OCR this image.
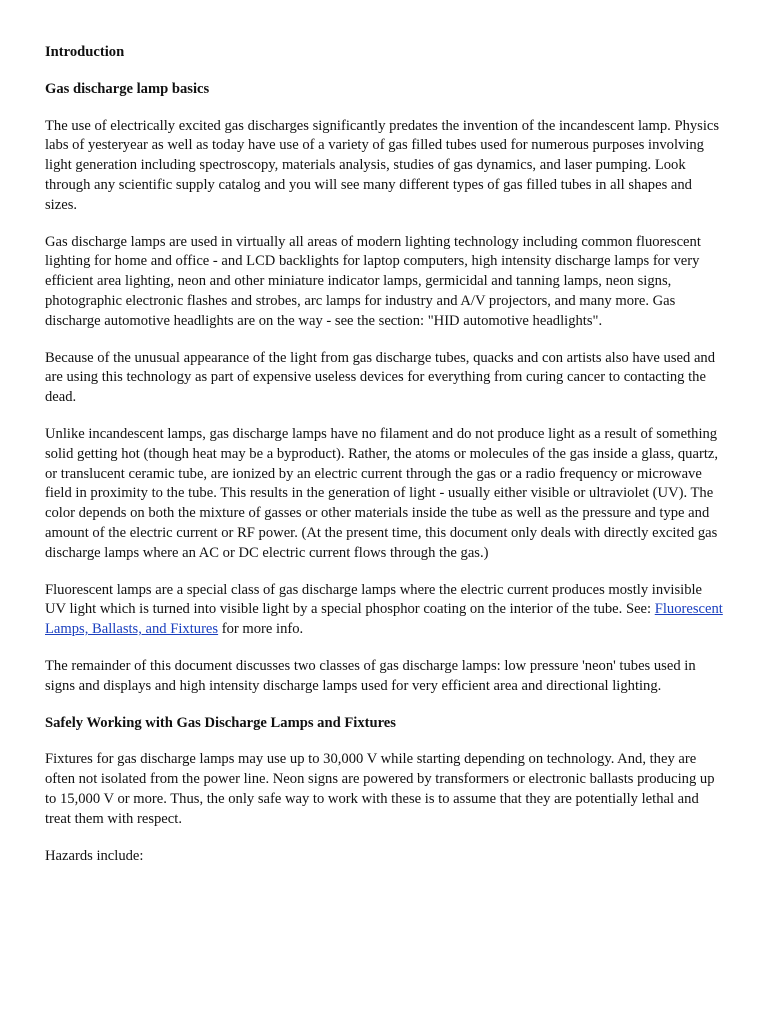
Introduction

Gas discharge lamp basics

The use of electrically excited gas discharges significantly predates the invention of the incandescent lamp. Physics labs of yesteryear as well as today have use of a variety of gas filled tubes used for numerous purposes involving light generation including spectroscopy, materials analysis, studies of gas dynamics, and laser pumping. Look through any scientific supply catalog and you will see many different types of gas filled tubes in all shapes and sizes.

Gas discharge lamps are used in virtually all areas of modern lighting technology including common fluorescent lighting for home and office - and LCD backlights for laptop computers, high intensity discharge lamps for very efficient area lighting, neon and other miniature indicator lamps, germicidal and tanning lamps, neon signs, photographic electronic flashes and strobes, arc lamps for industry and A/V projectors, and many more. Gas discharge automotive headlights are on the way - see the section: "HID automotive headlights".

Because of the unusual appearance of the light from gas discharge tubes, quacks and con artists also have used and are using this technology as part of expensive useless devices for everything from curing cancer to contacting the dead.

Unlike incandescent lamps, gas discharge lamps have no filament and do not produce light as a result of something solid getting hot (though heat may be a byproduct). Rather, the atoms or molecules of the gas inside a glass, quartz, or translucent ceramic tube, are ionized by an electric current through the gas or a radio frequency or microwave field in proximity to the tube. This results in the generation of light - usually either visible or ultraviolet (UV). The color depends on both the mixture of gasses or other materials inside the tube as well as the pressure and type and amount of the electric current or RF power. (At the present time, this document only deals with directly excited gas discharge lamps where an AC or DC electric current flows through the gas.)

Fluorescent lamps are a special class of gas discharge lamps where the electric current produces mostly invisible UV light which is turned into visible light by a special phosphor coating on the interior of the tube. See: Fluorescent Lamps, Ballasts, and Fixtures for more info.

The remainder of this document discusses two classes of gas discharge lamps: low pressure 'neon' tubes used in signs and displays and high intensity discharge lamps used for very efficient area and directional lighting.

Safely Working with Gas Discharge Lamps and Fixtures

Fixtures for gas discharge lamps may use up to 30,000 V while starting depending on technology. And, they are often not isolated from the power line. Neon signs are powered by transformers or electronic ballasts producing up to 15,000 V or more. Thus, the only safe way to work with these is to assume that they are potentially lethal and treat them with respect.

Hazards include:
